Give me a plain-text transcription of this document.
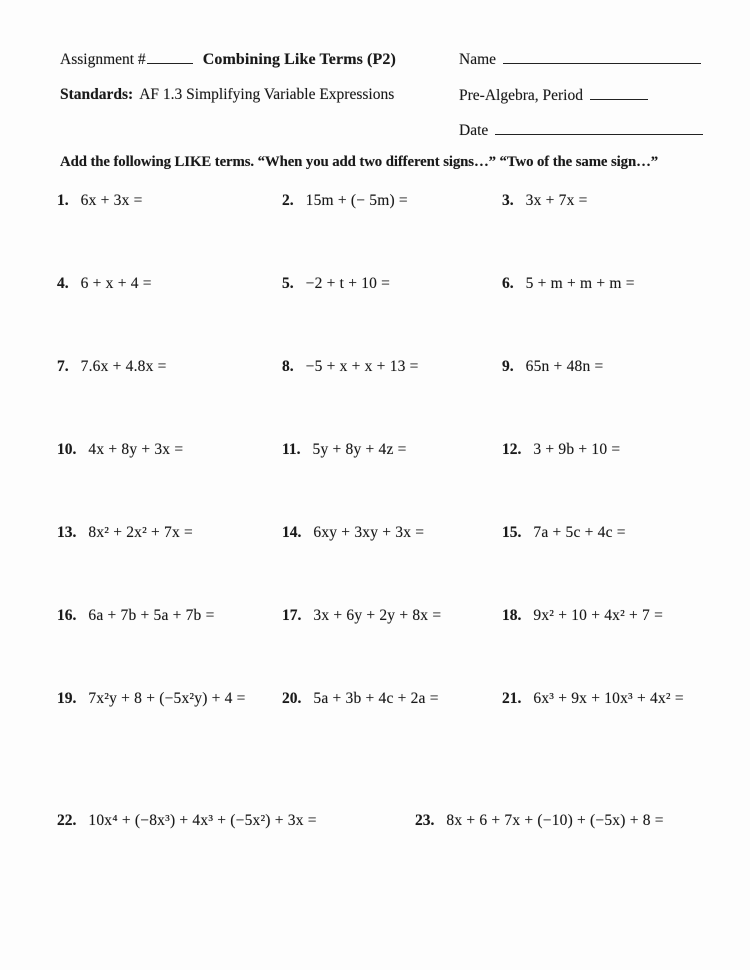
Assignment #	Combining Like Terms (P2)
Standards: AF 1.3 Simplifying Variable Expressions
Name
Pre-Algebra, Period
Date
Add the following LIKE terms. “When you add two different signs…” “Two of the same sign…”
1. 6x + 3x =	2. 15m + (− 5m) =	3. 3x + 7x =
4. 6 + x + 4 =	5. −2 + t + 10 =	6. 5 + m + m + m =
7. 7.6x + 4.8x =	8. −5 + x + x + 13 =	9. 65n + 48n =
10. 4x + 8y + 3x =	11. 5y + 8y + 4z =	12. 3 + 9b + 10 =
13. 8x² + 2x² + 7x =	14. 6xy + 3xy + 3x =	15. 7a + 5c + 4c =
16. 6a + 7b + 5a + 7b =	17. 3x + 6y + 2y + 8x =	18. 9x² + 10 + 4x² + 7 =
19. 7x²y + 8 + (−5x²y) + 4 = 20. 5a + 3b + 4c + 2a =	21. 6x³ + 9x + 10x³ + 4x² =
22. 10x⁴ + (−8x³) + 4x³ + (−5x²) + 3x =	23. 8x + 6 + 7x + (−10) + (−5x) + 8 =
